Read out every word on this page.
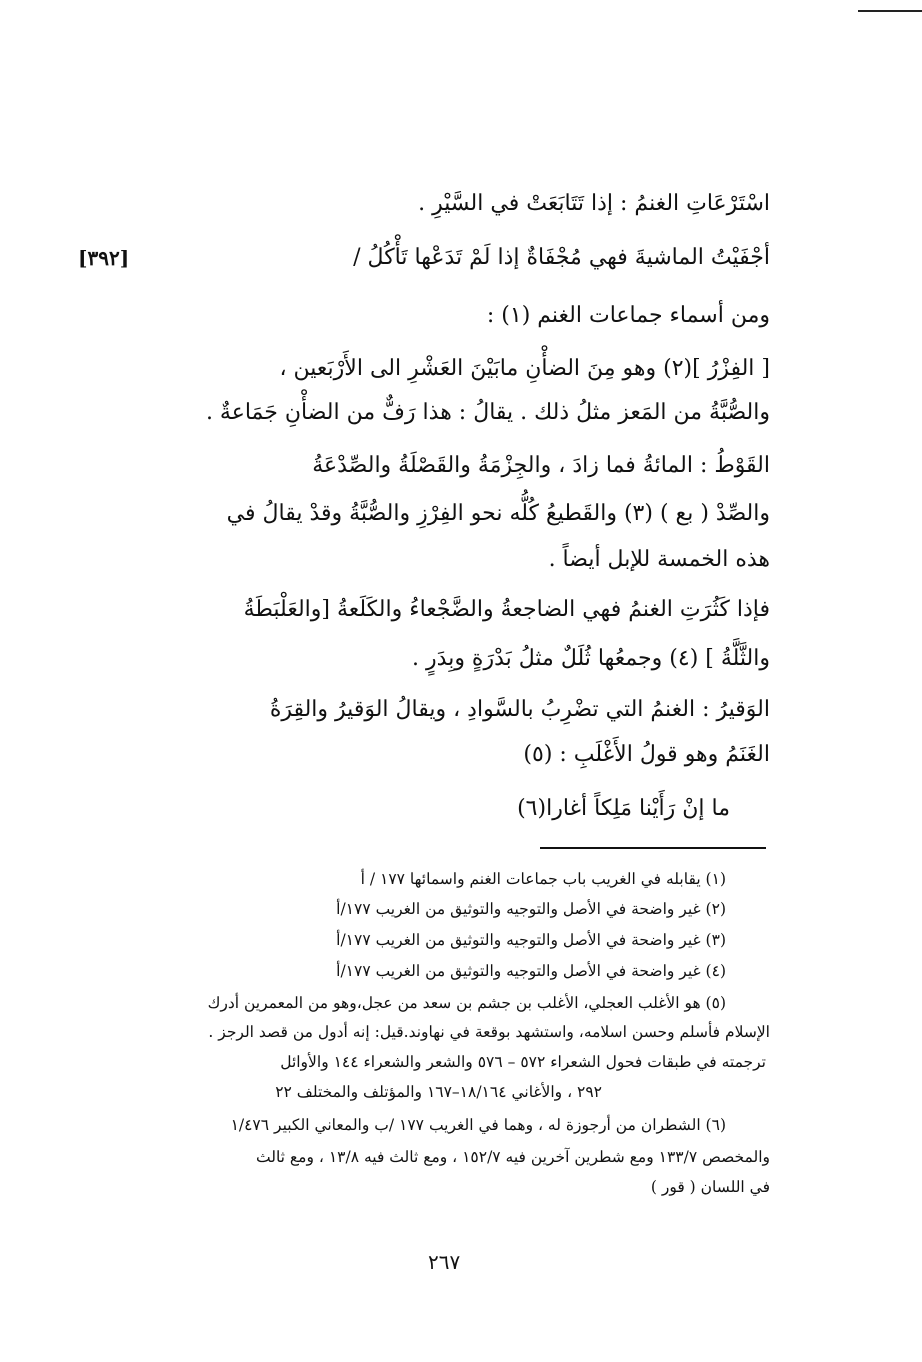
[٣٩٢]
اسْتَرْعَاتِ الغنمُ : إذا تَتَابَعَتْ في السَّيْرِ .
أجْفَيْتُ الماشيةَ فهي مُجْفَاةٌ إذا لَمْ تَدَعْها تَأْكُلُ /
ومن أسماء جماعات الغنم (١) :
[ الفِزْرُ ](٢) وهو مِنَ الضأْنِ مابَيْنَ العَشْرِ الى الأَرْبَعين ،
والصُّبَّةُ من المَعز مثلُ ذلك . يقالُ : هذا رَفٌّ من الضأْنِ جَمَاعةٌ .
القَوْطُ : المائةُ فما زادَ ، والجِزْمَةُ والقَصْلَةُ والصِّدْعَةُ
والصِّدْ ( بع ) (٣) والقَطيعُ كُلُّه نحو الفِرْزِ والصُّبَّةُ وقدْ يقالُ في
هذه الخمسة للإبل أيضاً .
فإذا كَثُرَتِ الغنمُ فهي الضاجعةُ والضَّجْعاءُ والكَلَعةُ [والعَلْبَطَةُ
والثَّلَّةُ ] (٤) وجمعُها ثُلَلٌ مثلُ بَدْرَةٍ وبِدَرٍ .
الوَقيرُ : الغنمُ التي تضْرِبُ بالسَّوادِ ، ويقالُ الوَقيرُ والقِرَةُ
الغَنَمُ وهو قولُ الأَغْلَبِ : (٥)
ما إنْ رَأَيْنا مَلِكاً أغارا(٦)
(١) يقابله في الغريب باب جماعات الغنم واسمائها ١٧٧ / أ
(٢) غير واضحة في الأصل والتوجيه والتوثيق من الغريب ١٧٧/أ
(٣) غير واضحة في الأصل والتوجيه والتوثيق من الغريب ١٧٧/أ
(٤) غير واضحة في الأصل والتوجيه والتوثيق من الغريب ١٧٧/أ
(٥) هو الأغلب العجلي، الأغلب بن جشم بن سعد من عجل،وهو من المعمرين أدرك
الإسلام فأسلم وحسن اسلامه، واستشهد بوقعة في نهاوند.قيل: إنه أدول من قصد الرجز .
ترجمته في طبقات فحول الشعراء ٥٧٢ – ٥٧٦ والشعر والشعراء ١٤٤ والأوائل
٢٩٢ ، والأغاني ١٨/١٦٤–١٦٧ والمؤتلف والمختلف ٢٢
(٦) الشطران من أرجوزة له ، وهما في الغريب ١٧٧ /ب والمعاني الكبير ١/٤٧٦
والمخصص ١٣٣/٧ ومع شطرين آخرين فيه ١٥٢/٧ ، ومع ثالث فيه ١٣/٨ ، ومع ثالث
في اللسان ( قور )
٢٦٧
